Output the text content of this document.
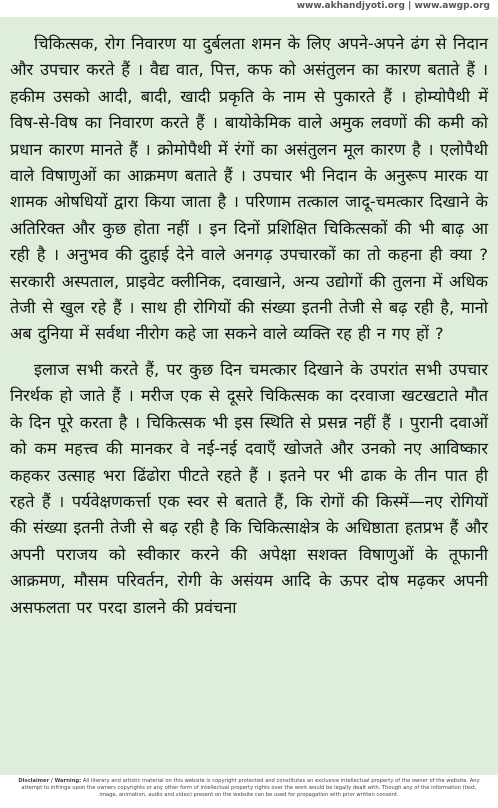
www.akhandjyoti.org | www.awgp.org

चिकित्सक, रोग निवारण या दुर्बलता शमन के लिए अपने-अपने ढंग से निदान और उपचार करते हैं । वैद्य वात, पित्त, कफ को असंतुलन का कारण बताते हैं । हकीम उसको आदी, बादी, खादी प्रकृति के नाम से पुकारते हैं । होम्योपैथी में विष-से-विष का निवारण करते हैं । बायोकेमिक वाले अमुक लवणों की कमी को प्रधान कारण मानते हैं । क्रोमोपैथी में रंगों का असंतुलन मूल कारण है । एलोपैथी वाले विषाणुओं का आक्रमण बताते हैं । उपचार भी निदान के अनुरूप मारक या शामक ओषधियों द्वारा किया जाता है । परिणाम तत्काल जादू-चमत्कार दिखाने के अतिरिक्त और कुछ होता नहीं । इन दिनों प्रशिक्षित चिकित्सकों की भी बाढ़ आ रही है । अनुभव की दुहाई देने वाले अनगढ़ उपचारकों का तो कहना ही क्या ? सरकारी अस्पताल, प्राइवेट क्लीनिक, दवाखाने, अन्य उद्योगों की तुलना में अधिक तेजी से खुल रहे हैं । साथ ही रोगियों की संख्या इतनी तेजी से बढ़ रही है, मानो अब दुनिया में सर्वथा नीरोग कहे जा सकने वाले व्यक्ति रह ही न गए हों ?

इलाज सभी करते हैं, पर कुछ दिन चमत्कार दिखाने के उपरांत सभी उपचार निरर्थक हो जाते हैं । मरीज एक से दूसरे चिकित्सक का दरवाजा खटखटाते मौत के दिन पूरे करता है । चिकित्सक भी इस स्थिति से प्रसन्न नहीं हैं । पुरानी दवाओं को कम महत्त्व की मानकर वे नई-नई दवाएँ खोजते और उनको नए आविष्कार कहकर उत्साह भरा ढिंढोरा पीटते रहते हैं । इतने पर भी ढाक के तीन पात ही रहते हैं । पर्यवेक्षणकर्त्ता एक स्वर से बताते हैं, कि रोगों की किस्में—नए रोगियों की संख्या इतनी तेजी से बढ़ रही है कि चिकित्साक्षेत्र के अधिष्ठाता हतप्रभ हैं और अपनी पराजय को स्वीकार करने की अपेक्षा सशक्त विषाणुओं के तूफानी आक्रमण, मौसम परिवर्तन, रोगी के असंयम आदि के ऊपर दोष मढ़कर अपनी असफलता पर परदा डालने की प्रवंचना

Disclaimer / Warning: All literary and artistic material on this website is copyright protected and constitutes an exclusive intellectual property of the owner of the website. Any attempt to infringe upon the owners copyrights or any other form of intellectual property rights over the work would be legally dealt with. Though any of the information (text, image, animation, audio and video) present on the website can be used for propagation with prior written consent.
